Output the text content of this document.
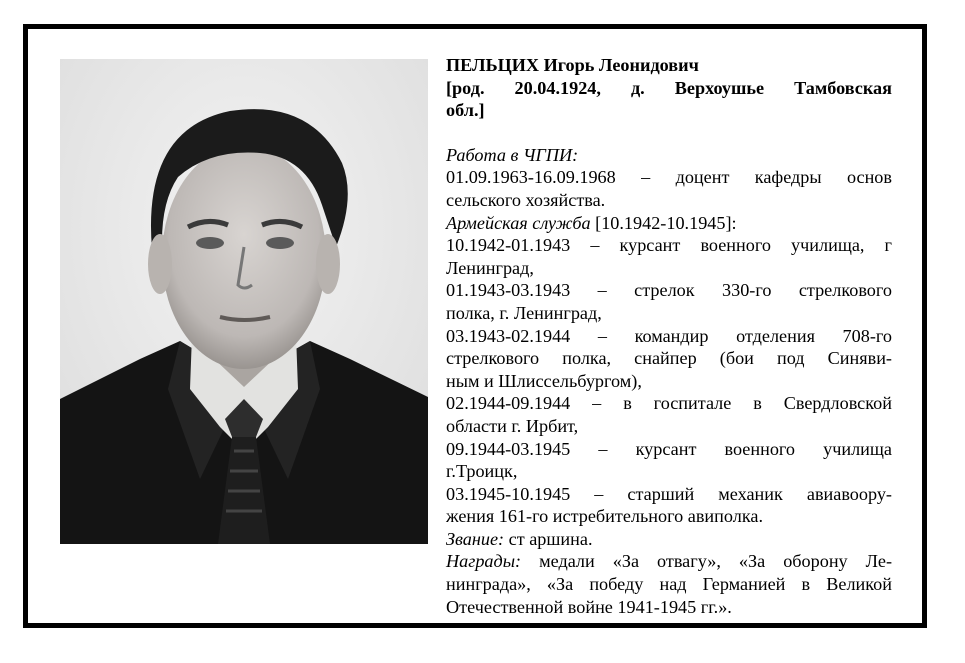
ПЕЛЬЦИХ Игорь Леонидович
[род. 20.04.1924, д. Верхоушье Тамбовская
обл.]
Работа в ЧГПИ:
01.09.1963-16.09.1968 – доцент кафедры основ
сельского хозяйства.
Армейская служба [10.1942-10.1945]:
10.1942-01.1943 – курсант военного училища, г
Ленинград,
01.1943-03.1943 – стрелок 330-го стрелкового
полка, г. Ленинград,
03.1943-02.1944 – командир отделения 708-го
стрелкового полка, снайпер (бои под Синяви-
ным и Шлиссельбургом),
02.1944-09.1944 – в госпитале в Свердловской
области г. Ирбит,
09.1944-03.1945 – курсант военного училища
г.Троицк,
03.1945-10.1945 – старший механик авиавоору-
жения 161-го истребительного авиполка.
Звание: ст аршина.
Награды: медали «За отвагу», «За оборону Ле-
нинграда», «За победу над Германией в Великой
Отечественной войне 1941-1945 гг.».
